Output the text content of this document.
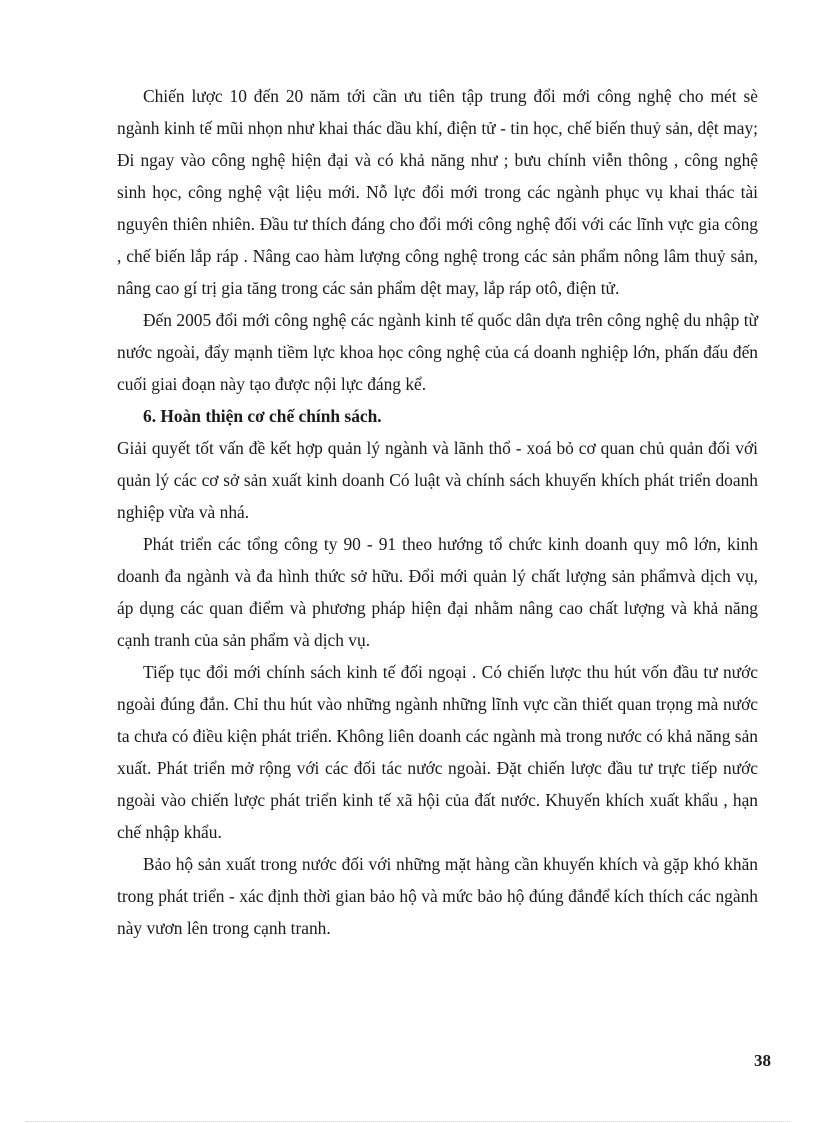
Chiến lược 10 đến 20 năm tới cần ưu tiên tập trung đổi mới công nghệ cho mét sè ngành kinh tế mũi nhọn như khai thác dầu khí, điện tử - tin học, chế biến thuỷ sản, dệt may; Đi ngay vào công nghệ hiện đại và có khả năng như ; bưu chính viễn thông , công nghệ sinh học, công nghệ vật liệu mới. Nỗ lực đổi mới trong các ngành phục vụ khai thác tài nguyên thiên nhiên. Đầu tư thích đáng cho đổi mới công nghệ đối với các lĩnh vực gia công , chế biến lắp ráp . Nâng cao hàm lượng công nghệ trong các sản phẩm nông lâm thuỷ sản, nâng cao gí trị gia tăng trong các sản phẩm dệt may, lắp ráp otô, điện tử.

Đến 2005 đổi mới công nghệ các ngành kinh tế quốc dân dựa trên công nghệ du nhập từ nước ngoài, đẩy mạnh tiềm lực khoa học công nghệ của cá doanh nghiệp lớn, phấn đấu đến cuối giai đoạn này tạo được nội lực đáng kể.

6. Hoàn thiện cơ chế chính sách.

Giải quyết tốt vấn đề kết hợp quản lý ngành và lãnh thổ - xoá bỏ cơ quan chủ quản đối với quản lý các cơ sở sản xuất kinh doanh Có luật và chính sách khuyến khích phát triển doanh nghiệp vừa và nhá.

Phát triển các tổng công ty 90 - 91 theo hướng tổ chức kinh doanh quy mô lớn, kinh doanh đa ngành và đa hình thức sở hữu. Đổi mới quản lý chất lượng sản phẩmvà dịch vụ, áp dụng các quan điểm và phương pháp hiện đại nhằm nâng cao chất lượng và khả năng cạnh tranh của sản phẩm và dịch vụ.

Tiếp tục đổi mới chính sách kinh tế đối ngoại . Có chiến lược thu hút vốn đầu tư nước ngoài đúng đắn. Chỉ thu hút vào những ngành những lĩnh vực cần thiết quan trọng mà nước ta chưa có điều kiện phát triển. Không liên doanh các ngành mà trong nước có khả năng sản xuất. Phát triển mở rộng với các đối tác nước ngoài. Đặt chiến lược đầu tư trực tiếp nước ngoài vào chiến lược phát triển kinh tế xã hội của đất nước. Khuyến khích xuất khẩu , hạn chế nhập khẩu.

Bảo hộ sản xuất trong nước đối với những mặt hàng cần khuyến khích và gặp khó khăn trong phát triển - xác định thời gian bảo hộ và mức bảo hộ đúng đắnđể kích thích các ngành này vươn lên trong cạnh tranh.

38
